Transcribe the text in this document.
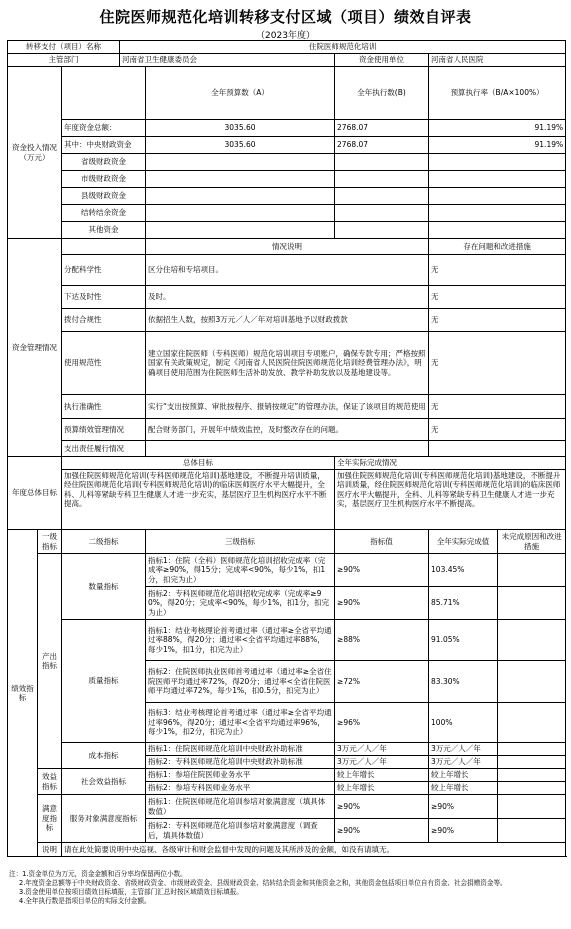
住院医师规范化培训转移支付区域（项目）绩效自评表
（2023年度）
转移支付（项目）名称			住院医师规范化培训				
主管部门			河南省卫生健康委员会		资金使用单位	河南省人民医院	
资金投入情况（万元）				全年预算数（A）	全年执行数(B)	预算执行率（B/A×100%）	
		年度资金总额：		3035.60	2768.07	91.19%	
		其中：中央财政资金		3035.60	2768.07	91.19%	
		省级财政资金					
		市级财政资金					
		县级财政资金					
		结转结余资金					
		其他资金					
资金管理情况				情况说明		存在问题和改进措施	
		分配科学性		区分住培和专培项目。		无	
		下达及时性		及时。		无	
		拨付合规性		依据招生人数，按照3万元／人／年对培训基地予以财政拨款		无	
		使用规范性		建立国家住院医师（专科医师）规范化培训项目专项账户，确保专款专用；严格按照国家有关政策规定，制定《河南省人民医院住院医师规范化培训经费管理办法》，明确项目使用范围为住院医师生活补助发放、教学补助发放以及基地建设等。		无	
		执行准确性		实行“支出按预算、审批按程序、报销按规定”的管理办法，保证了该项目的规范使用		无	
		预算绩效管理情况		配合财务部门，开展年中绩效监控，及时整改存在的问题。		无	
		支出责任履行情况					
年度总体目标		总体目标			全年实际完成情况		
		加强住院医师规范化培训(专科医师规范化培训)基地建设，不断提升培训质量，经住院医师规范化培训(专科医师规范化培训)的临床医师医疗水平大幅提升，全科、儿科等紧缺专科卫生健康人才进一步充实，基层医疗卫生机构医疗水平不断提高。			加强住院医师规范化培训(专科医师规范化培训)基地建设，不断提升培训质量，经住院医师规范化培训(专科医师规范化培训)的临床医师医疗水平大幅提升，全科、儿科等紧缺专科卫生健康人才进一步充实，基层医疗卫生机构医疗水平不断提高。		
绩效指标	一级指标	二级指标		三级指标	指标值	全年实际完成值	未完成原因和改进措施
	产出指标	数量指标		指标1：住院（全科）医师规范化培训招收完成率（完成率≥90%，得15分；完成率<90%，每少1%，扣1分，扣完为止）	≥90%	103.45%	
				指标2：专科医师规范化培训招收完成率（完成率≥90%，得20分；完成率<90%，每少1%，扣1分，扣完为止）	≥90%	85.71%	
		质量指标		指标1：结业考核理论首考通过率（通过率≥全省平均通过率88%，得20分；通过率<全省平均通过率88%，每少1%，扣1分，扣完为止）	≥88%	91.05%	
				指标2：住院医师执业医师首考通过率（通过率≥全省住院医师平均通过率72%，得20分；通过率<全省住院医师平均通过率72%，每少1%，扣0.5分，扣完为止）	≥72%	83.30%	
				指标3：结业考核理论首考通过率（通过率≥全省平均通过率96%，得20分；通过率<全省平均通过率96%，每少1%，扣2分，扣完为止）	≥96%	100%	
		成本指标		指标1：住院医师规范化培训中央财政补助标准	3万元／人／年	3万元／人／年	
				指标2：专科医师规范化培训中央财政补助标准	3万元／人／年	3万元／人／年	
	效益指标	社会效益指标		指标1：参培住院医师业务水平	较上年增长	较上年增长	
				指标2：参培专科医师业务水平	较上年增长	较上年增长	
	满意度指标	服务对象满意度指标		指标1：住院医师规范化培训参培对象满意度（填具体数值）	≥90%	≥90%	
				指标2：专科医师规范化培训参培对象满意度（调查后，填具体数值）	≥90%	≥90%	
	说明	请在此处简要说明中央巡视、各级审计和财会监督中发现的问题及其所涉及的金额，如没有请填无。					
注：1.资金单位为万元，资金金额和百分率均保留两位小数。
2.年度资金总额等于中央财政资金、省级财政资金、市级财政资金、县级财政资金、结转结余资金和其他资金之和，其他资金包括项目单位自有资金、社会捐赠资金等。
3.资金使用单位按项目绩效目标填报，主管部门汇总时按区域绩效目标填报。
4.全年执行数是指项目单位的实际支付金额。
